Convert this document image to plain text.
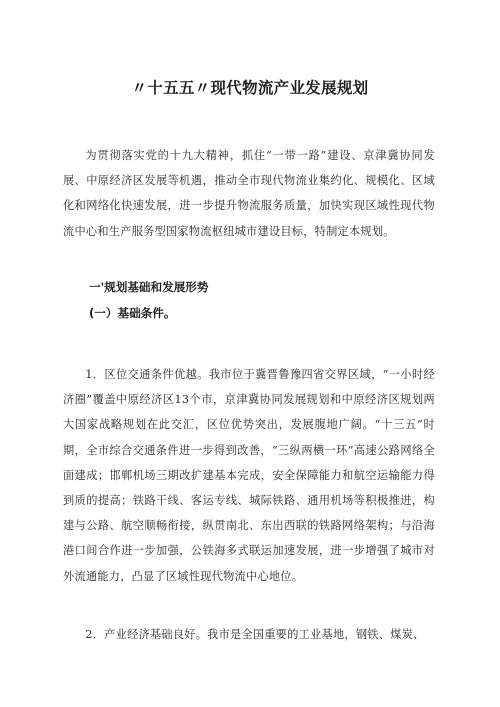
〃十五五〃现代物流产业发展规划

为贯彻落实党的十九大精神，抓住“一带一路”建设、京津冀协同发展、中原经济区发展等机遇，推动全市现代物流业集约化、规模化、区域化和网络化快速发展，进一步提升物流服务质量，加快实现区域性现代物流中心和生产服务型国家物流枢纽城市建设目标，特制定本规划。

一'规划基础和发展形势
(一）基础条件。

1．区位交通条件优越。我市位于冀晋鲁豫四省交界区域，“一小时经济圈”覆盖中原经济区13个市，京津冀协同发展规划和中原经济区规划两大国家战略规划在此交汇，区位优势突出，发展腹地广阔。“十三五”时期，全市综合交通条件进一步得到改善，“三纵两横一环”高速公路网络全面建成；邯郸机场三期改扩建基本完成，安全保障能力和航空运输能力得到质的提高；铁路干线、客运专线、城际铁路、通用机场等积极推进，构建与公路、航空顺畅衔接，纵贯南北、东出西联的铁路网络架构；与沿海港口间合作进一步加强，公铁海多式联运加速发展，进一步增强了城市对外流通能力，凸显了区域性现代物流中心地位。

2．产业经济基础良好。我市是全国重要的工业基地，钢铁、煤炭、
